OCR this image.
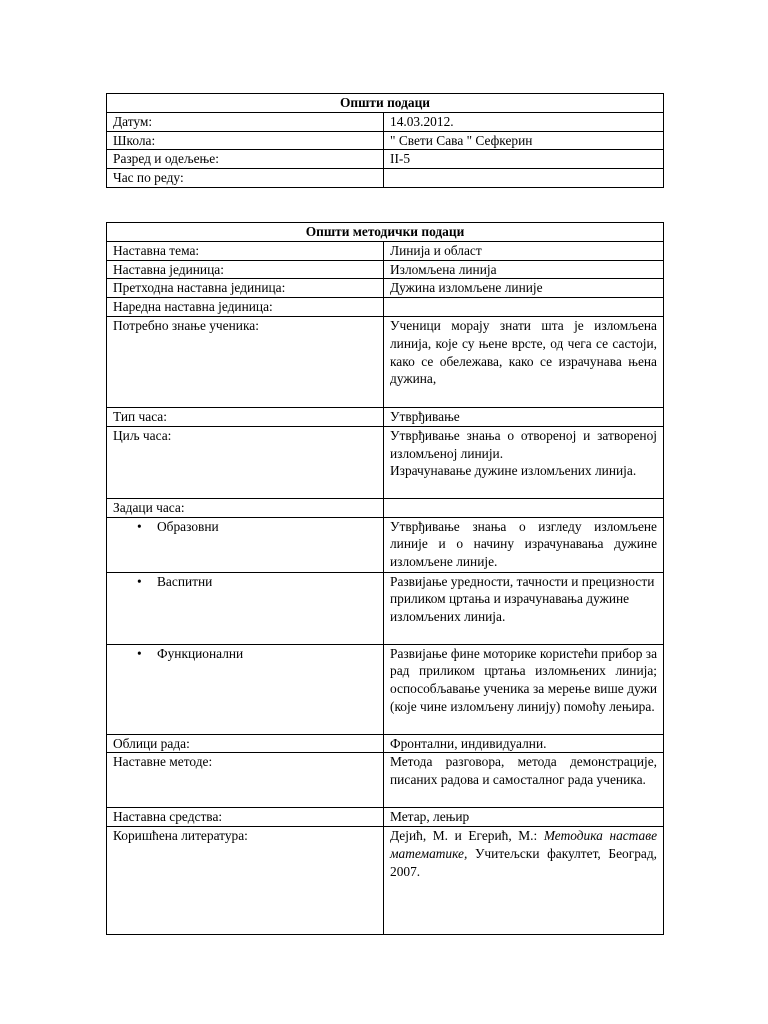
Општи подаци	
Датум:	14.03.2012.
Школа:	" Свети Сава " Сефкерин
Разред и одељење:	II-5
Час по реду:	
Општи методички подаци	
Наставна тема:	Линија и област
Наставна јединица:	Изломљена линија
Претходна наставна јединица:	Дужина изломљене линије
Наредна наставна јединица:	
Потребно знање ученика:	Ученици морају знати шта је изломљена линија, које су њене врсте, од чега се састоји, како се обележава, како се израчунава њена дужина,
Тип часа:	Утврђивање
Циљ часа:	Утврђивање знања о отвореној и затвореној изломљеној линији.
Израчунавање дужине изломљених линија.

Задаци часа:	

• Образовни	Утврђивање знања о изгледу изломљене линије и о начину израчунавања дужине изломљене линије.

• Васпитни	Развијање уредности, тачности и прецизности приликом цртања и израчунавања дужине изломљених линија.

• Функционални	Развијање фине моторике користећи прибор за рад приликом цртања изломњених линија; оспособљавање ученика за мерење више дужи (које чине изломљену линију) помоћу лењира.
Облици рада:	Фронтални, индивидуални.
Наставне методе:	Метода разговора, метода демонстрације, писаних радова и самосталног рада ученика.
Наставна средства:	Метар, лењир
Коришћена литература:	Дејић, М. и Егерић, М.: Методика наставе математике, Учитељски факултет, Београд, 2007.
